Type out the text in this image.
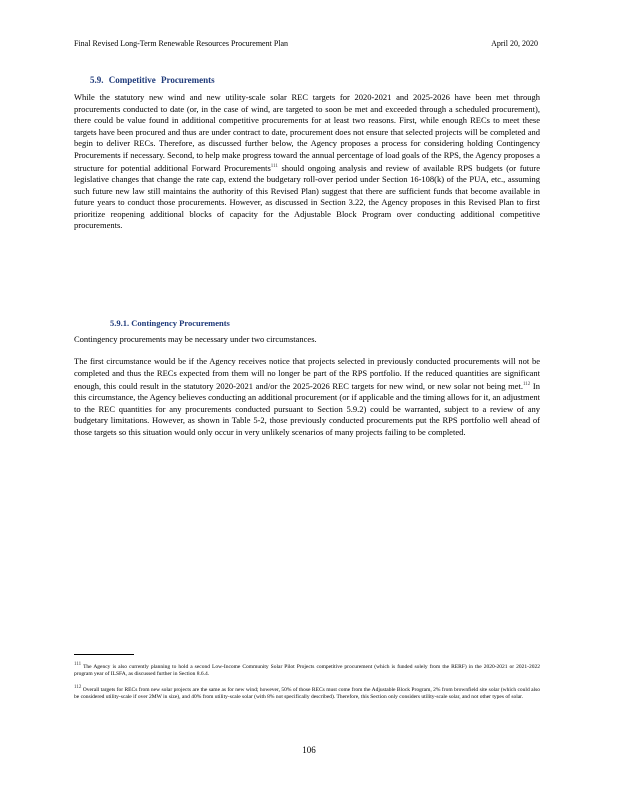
Final Revised Long-Term Renewable Resources Procurement Plan	April 20, 2020
5.9. Competitive Procurements
While the statutory new wind and new utility-scale solar REC targets for 2020-2021 and 2025-2026 have been met through procurements conducted to date (or, in the case of wind, are targeted to soon be met and exceeded through a scheduled procurement), there could be value found in additional competitive procurements for at least two reasons. First, while enough RECs to meet these targets have been procured and thus are under contract to date, procurement does not ensure that selected projects will be completed and begin to deliver RECs. Therefore, as discussed further below, the Agency proposes a process for considering holding Contingency Procurements if necessary. Second, to help make progress toward the annual percentage of load goals of the RPS, the Agency proposes a structure for potential additional Forward Procurements$^{111}$ should ongoing analysis and review of available RPS budgets (or future legislative changes that change the rate cap, extend the budgetary roll-over period under Section 16-108(k) of the PUA, etc., assuming such future new law still maintains the authority of this Revised Plan) suggest that there are sufficient funds that become available in future years to conduct those procurements. However, as discussed in Section 3.22, the Agency proposes in this Revised Plan to first prioritize reopening additional blocks of capacity for the Adjustable Block Program over conducting additional competitive procurements.
5.9.1. Contingency Procurements
Contingency procurements may be necessary under two circumstances.
The first circumstance would be if the Agency receives notice that projects selected in previously conducted procurements will not be completed and thus the RECs expected from them will no longer be part of the RPS portfolio. If the reduced quantities are significant enough, this could result in the statutory 2020-2021 and/or the 2025-2026 REC targets for new wind, or new solar not being met.$^{112}$ In this circumstance, the Agency believes conducting an additional procurement (or if applicable and the timing allows for it, an adjustment to the REC quantities for any procurements conducted pursuant to Section 5.9.2) could be warranted, subject to a review of any budgetary limitations. However, as shown in Table 5-2, those previously conducted procurements put the RPS portfolio well ahead of those targets so this situation would only occur in very unlikely scenarios of many projects failing to be completed.
$^{111}$ The Agency is also currently planning to hold a second Low-Income Community Solar Pilot Projects competitive procurement (which is funded solely from the RERF) in the 2020-2021 or 2021-2022 program year of ILSFA, as discussed further in Section 8.6.4.
$^{112}$ Overall targets for RECs from new solar projects are the same as for new wind; however, 50% of those RECs must come from the Adjustable Block Program, 2% from brownfield site solar (which could also be considered utility-scale if over 2MW in size), and 40% from utility-scale solar (with 8% not specifically described). Therefore, this Section only considers utility-scale solar, and not other types of solar.
106
